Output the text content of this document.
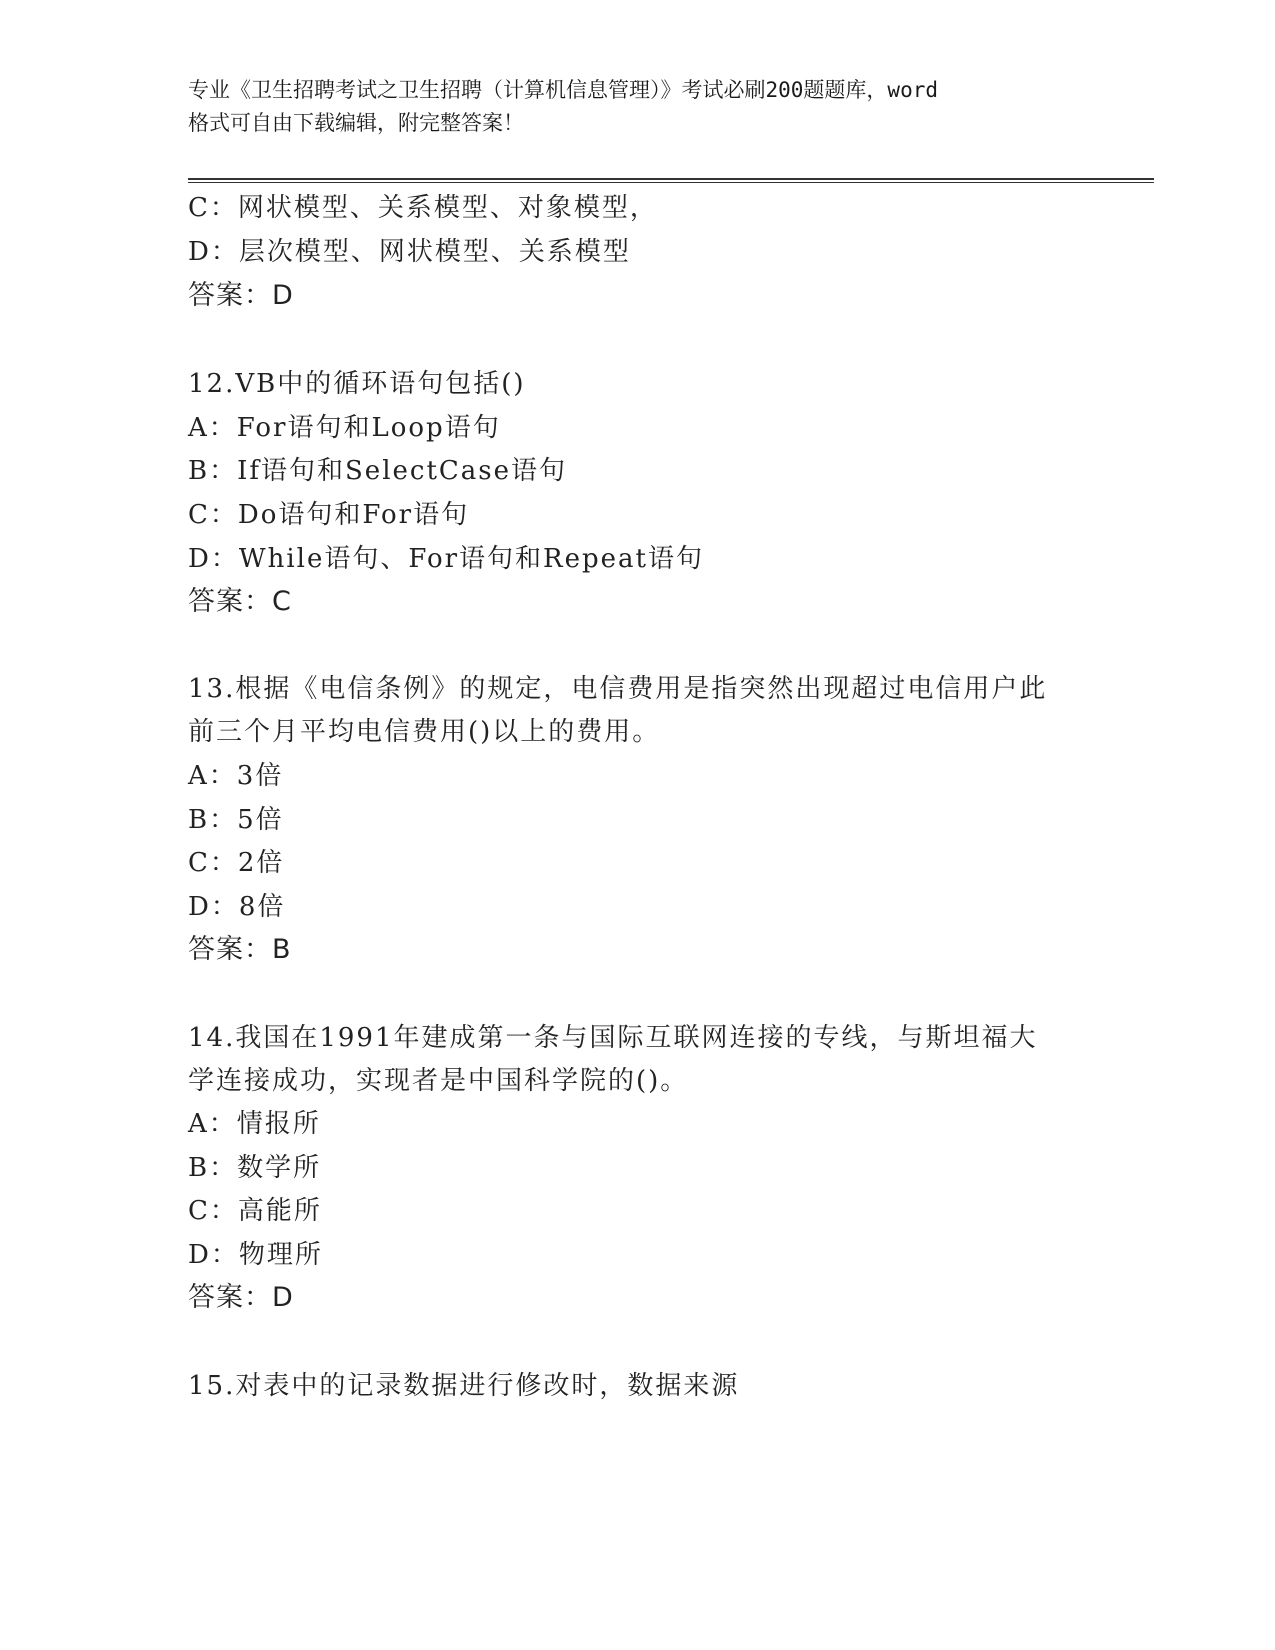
专业《卫生招聘考试之卫生招聘（计算机信息管理）》考试必刷200题题库，word
格式可自由下载编辑，附完整答案！
C：网状模型、关系模型、对象模型，
D：层次模型、网状模型、关系模型
答案：D
12.VB中的循环语句包括()
A：For语句和Loop语句
B：If语句和SelectCase语句
C：Do语句和For语句
D：While语句、For语句和Repeat语句
答案：C
13.根据《电信条例》的规定，电信费用是指突然出现超过电信用户此
前三个月平均电信费用()以上的费用。
A：3倍
B：5倍
C：2倍
D：8倍
答案：B
14.我国在1991年建成第一条与国际互联网连接的专线，与斯坦福大
学连接成功，实现者是中国科学院的()。
A：情报所
B：数学所
C：高能所
D：物理所
答案：D
15.对表中的记录数据进行修改时，数据来源
